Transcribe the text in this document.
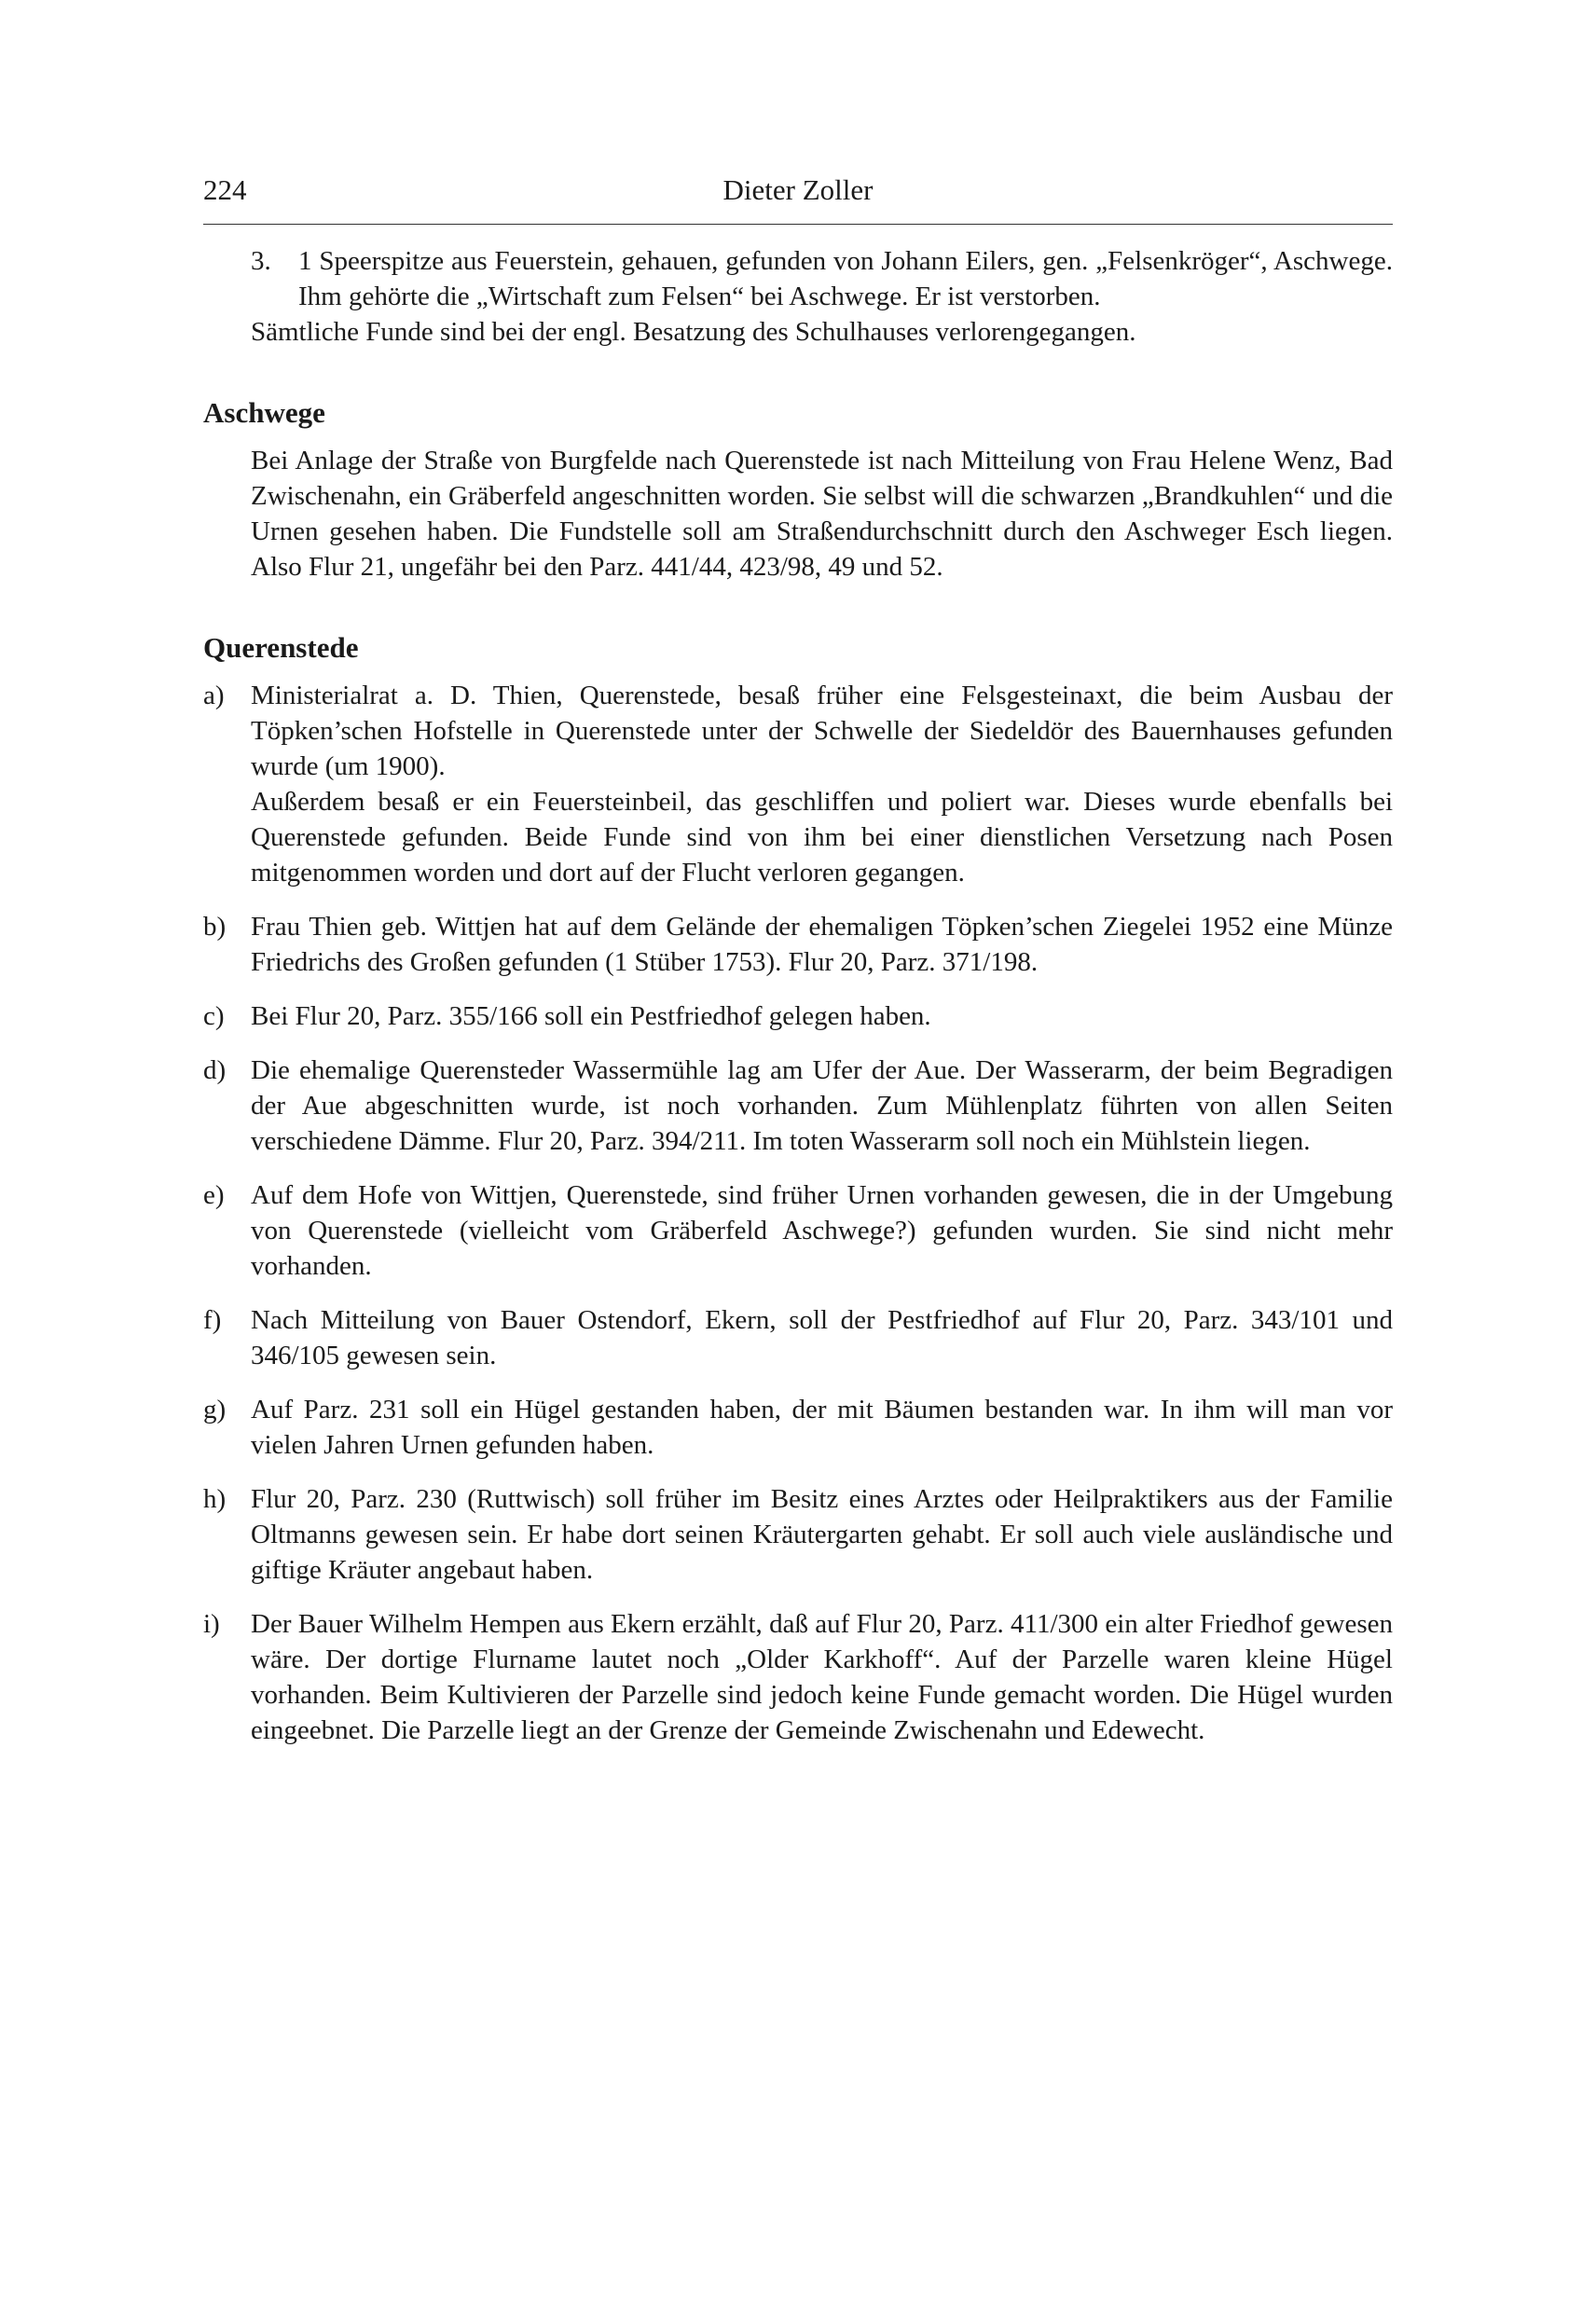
224	Dieter Zoller
3.	1 Speerspitze aus Feuerstein, gehauen, gefunden von Johann Eilers, gen. „Felsenkröger“, Aschwege. Ihm gehörte die „Wirtschaft zum Felsen“ bei Aschwege. Er ist verstorben.

Sämtliche Funde sind bei der engl. Besatzung des Schulhauses verlorengegangen.

Aschwege

Bei Anlage der Straße von Burgfelde nach Querenstede ist nach Mitteilung von Frau Helene Wenz, Bad Zwischenahn, ein Gräberfeld angeschnitten worden. Sie selbst will die schwarzen „Brandkuhlen“ und die Urnen gesehen haben. Die Fundstelle soll am Straßendurchschnitt durch den Aschweger Esch liegen. Also Flur 21, ungefähr bei den Parz. 441/44, 423/98, 49 und 52.

Querenstede
a) Ministerialrat a. D. Thien, Querenstede, besaß früher eine Felsgesteinaxt, die beim Ausbau der Töpken’schen Hofstelle in Querenstede unter der Schwelle der Siedeldör des Bauernhauses gefunden wurde (um 1900).

Außerdem besaß er ein Feuersteinbeil, das geschliffen und poliert war. Dieses wurde ebenfalls bei Querenstede gefunden. Beide Funde sind von ihm bei einer dienstlichen Versetzung nach Posen mitgenommen worden und dort auf der Flucht verloren gegangen.

b) Frau Thien geb. Wittjen hat auf dem Gelände der ehemaligen Töpken’schen Ziegelei 1952 eine Münze Friedrichs des Großen gefunden (1 Stüber 1753). Flur 20, Parz. 371/198.

c) Bei Flur 20, Parz. 355/166 soll ein Pestfriedhof gelegen haben.

d) Die ehemalige Querensteder Wassermühle lag am Ufer der Aue. Der Wasserarm, der beim Begradigen der Aue abgeschnitten wurde, ist noch vorhanden. Zum Mühlenplatz führten von allen Seiten verschiedene Dämme. Flur 20, Parz. 394/211. Im toten Wasserarm soll noch ein Mühlstein liegen.

e) Auf dem Hofe von Wittjen, Querenstede, sind früher Urnen vorhanden gewesen, die in der Umgebung von Querenstede (vielleicht vom Gräberfeld Aschwege?) gefunden wurden. Sie sind nicht mehr vorhanden.

f) Nach Mitteilung von Bauer Ostendorf, Ekern, soll der Pestfriedhof auf Flur 20, Parz. 343/101 und 346/105 gewesen sein.

g) Auf Parz. 231 soll ein Hügel gestanden haben, der mit Bäumen bestanden war. In ihm will man vor vielen Jahren Urnen gefunden haben.

h) Flur 20, Parz. 230 (Ruttwisch) soll früher im Besitz eines Arztes oder Heilpraktikers aus der Familie Oltmanns gewesen sein. Er habe dort seinen Kräutergarten gehabt. Er soll auch viele ausländische und giftige Kräuter angebaut haben.

i) Der Bauer Wilhelm Hempen aus Ekern erzählt, daß auf Flur 20, Parz. 411/300 ein alter Friedhof gewesen wäre. Der dortige Flurname lautet noch „Older Karkhoff“. Auf der Parzelle waren kleine Hügel vorhanden. Beim Kultivieren der Parzelle sind jedoch keine Funde gemacht worden. Die Hügel wurden eingeebnet. Die Parzelle liegt an der Grenze der Gemeinde Zwischenahn und Edewecht.
